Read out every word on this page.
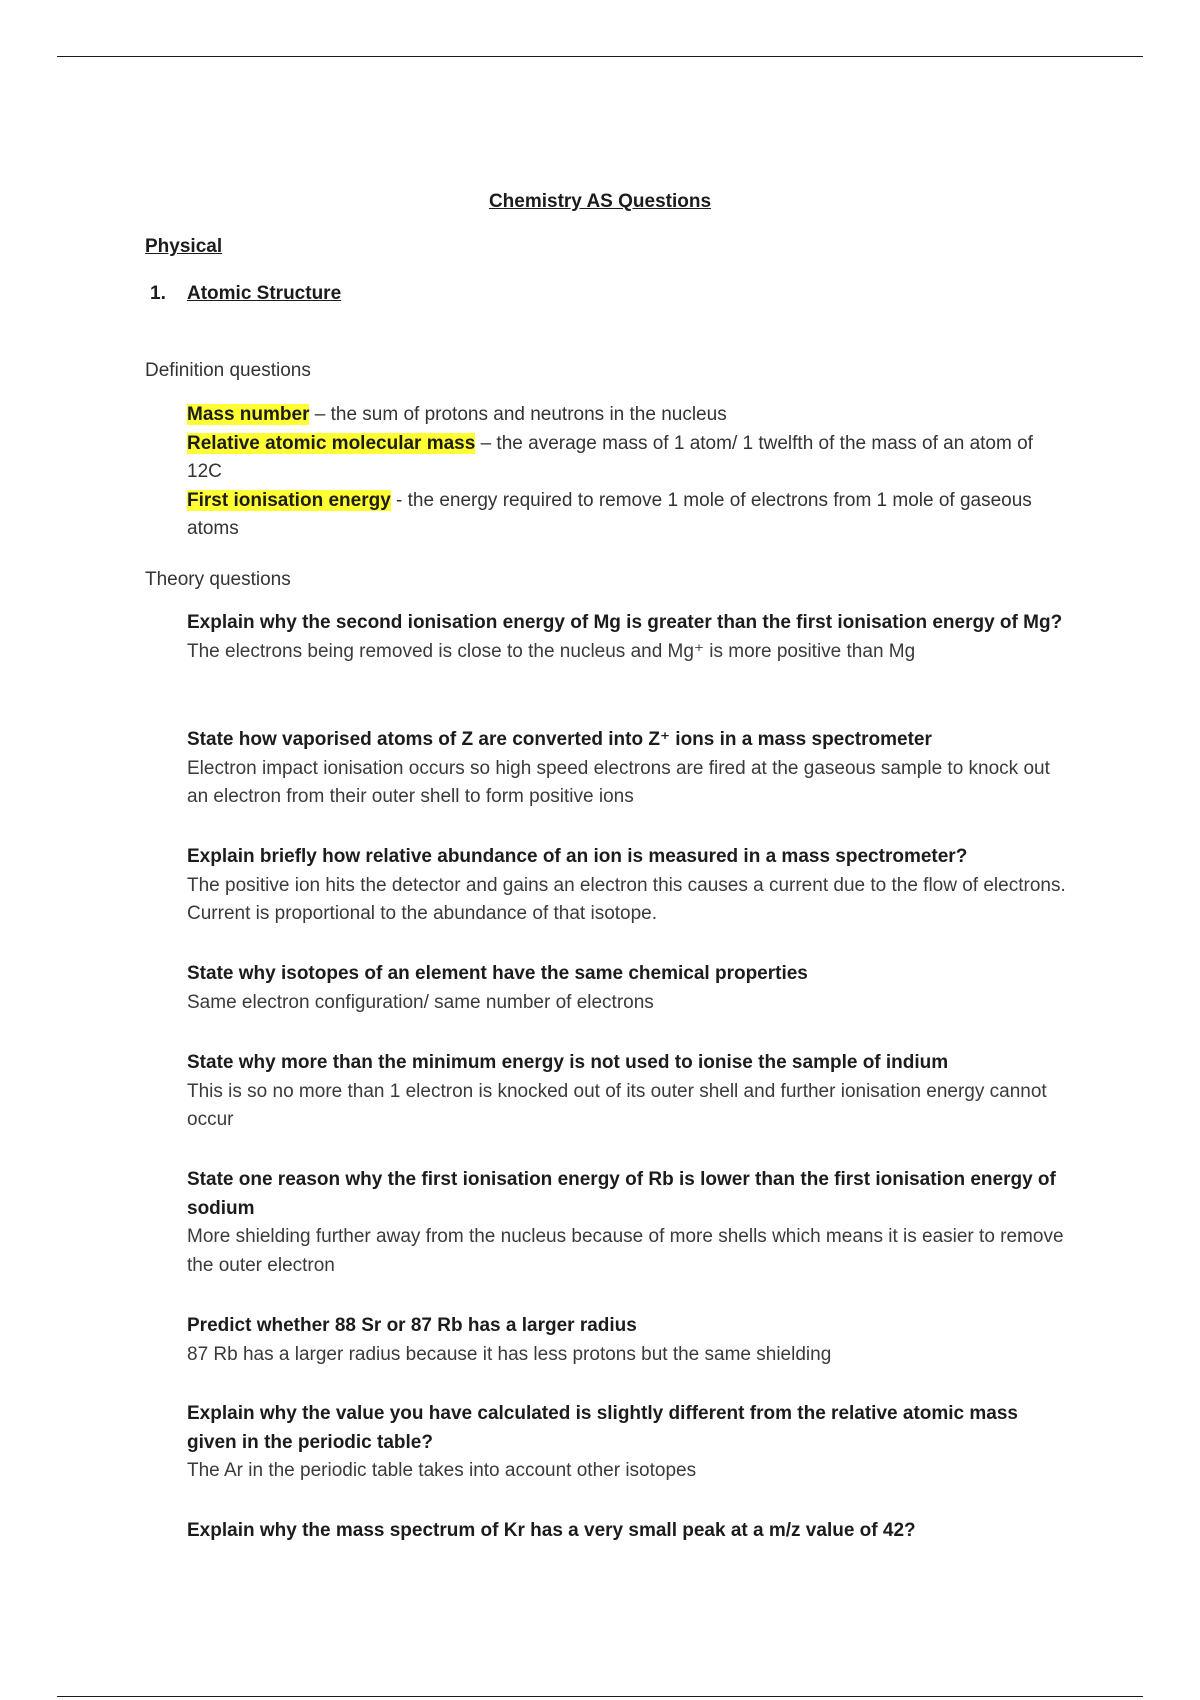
Chemistry AS Questions
Physical
1. Atomic Structure
Definition questions

Mass number – the sum of protons and neutrons in the nucleus

Relative atomic molecular mass – the average mass of 1 atom/ 1 twelfth of the mass of an atom of 12C

First ionisation energy - the energy required to remove 1 mole of electrons from 1 mole of gaseous atoms

Theory questions

Explain why the second ionisation energy of Mg is greater than the first ionisation energy of Mg?

The electrons being removed is close to the nucleus and Mg⁺ is more positive than Mg

State how vaporised atoms of Z are converted into Z⁺ ions in a mass spectrometer

Electron impact ionisation occurs so high speed electrons are fired at the gaseous sample to knock out an electron from their outer shell to form positive ions

Explain briefly how relative abundance of an ion is measured in a mass spectrometer?

The positive ion hits the detector and gains an electron this causes a current due to the flow of electrons. Current is proportional to the abundance of that isotope.

State why isotopes of an element have the same chemical properties

Same electron configuration/ same number of electrons

State why more than the minimum energy is not used to ionise the sample of indium

This is so no more than 1 electron is knocked out of its outer shell and further ionisation energy cannot occur

State one reason why the first ionisation energy of Rb is lower than the first ionisation energy of sodium

More shielding further away from the nucleus because of more shells which means it is easier to remove the outer electron

Predict whether 88 Sr or 87 Rb has a larger radius

87 Rb has a larger radius because it has less protons but the same shielding

Explain why the value you have calculated is slightly different from the relative atomic mass given in the periodic table?

The Ar in the periodic table takes into account other isotopes

Explain why the mass spectrum of Kr has a very small peak at a m/z value of 42?
